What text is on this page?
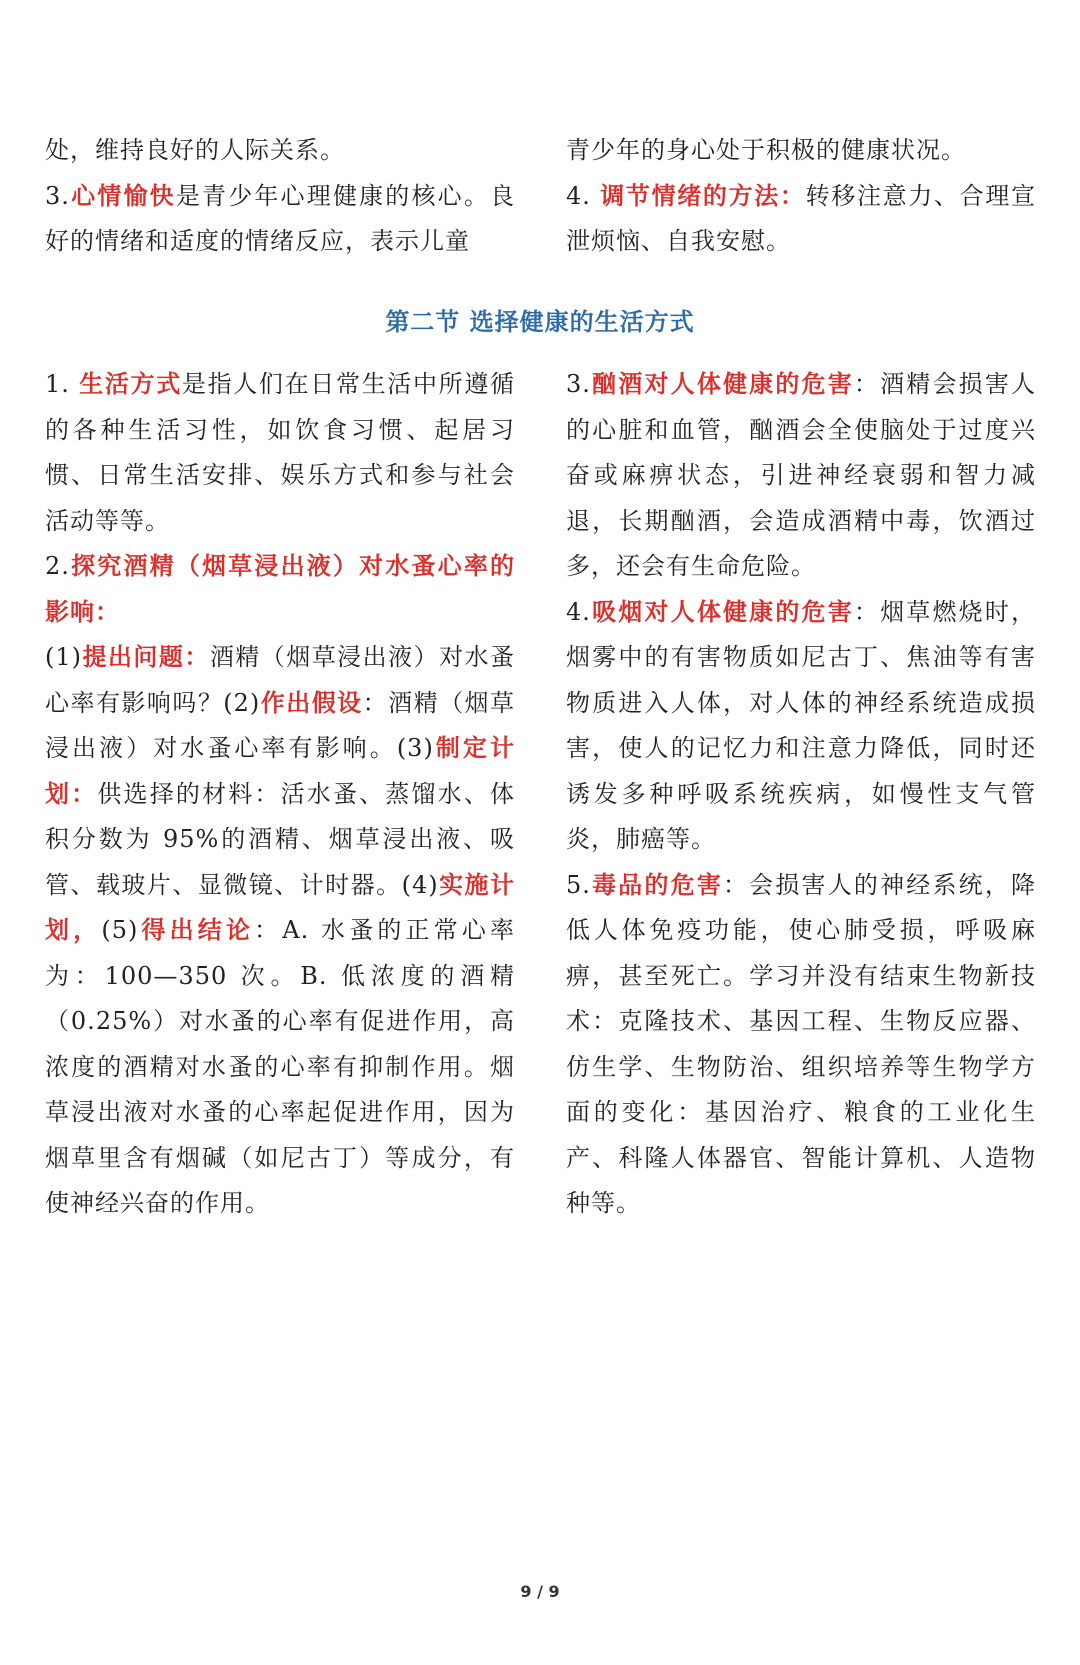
处，维持良好的人际关系。

3.心情愉快是青少年心理健康的核心。良好的情绪和适度的情绪反应，表示儿童

青少年的身心处于积极的健康状况。

4. 调节情绪的方法：转移注意力、合理宣泄烦恼、自我安慰。

第二节 选择健康的生活方式

1. 生活方式是指人们在日常生活中所遵循的各种生活习性，如饮食习惯、起居习惯、日常生活安排、娱乐方式和参与社会活动等等。

2.探究酒精（烟草浸出液）对水蚤心率的影响：

(1)提出问题：酒精（烟草浸出液）对水蚤心率有影响吗？(2)作出假设：酒精（烟草浸出液）对水蚤心率有影响。(3)制定计划：供选择的材料：活水蚤、蒸馏水、体积分数为 95%的酒精、烟草浸出液、吸管、载玻片、显微镜、计时器。(4)实施计划，(5)得出结论：A. 水蚤的正常心率为：100—350 次。B. 低浓度的酒精（0.25%）对水蚤的心率有促进作用，高浓度的酒精对水蚤的心率有抑制作用。烟草浸出液对水蚤的心率起促进作用，因为烟草里含有烟碱（如尼古丁）等成分，有使神经兴奋的作用。

3.酗酒对人体健康的危害：酒精会损害人的心脏和血管，酗酒会全使脑处于过度兴奋或麻痹状态，引进神经衰弱和智力减退，长期酗酒，会造成酒精中毒，饮酒过多，还会有生命危险。

4.吸烟对人体健康的危害：烟草燃烧时，烟雾中的有害物质如尼古丁、焦油等有害物质进入人体，对人体的神经系统造成损害，使人的记忆力和注意力降低，同时还诱发多种呼吸系统疾病，如慢性支气管炎，肺癌等。

5.毒品的危害：会损害人的神经系统，降低人体免疫功能，使心肺受损，呼吸麻痹，甚至死亡。学习并没有结束生物新技术：克隆技术、基因工程、生物反应器、仿生学、生物防治、组织培养等生物学方面的变化：基因治疗、粮食的工业化生产、科隆人体器官、智能计算机、人造物种等。

9 / 9
